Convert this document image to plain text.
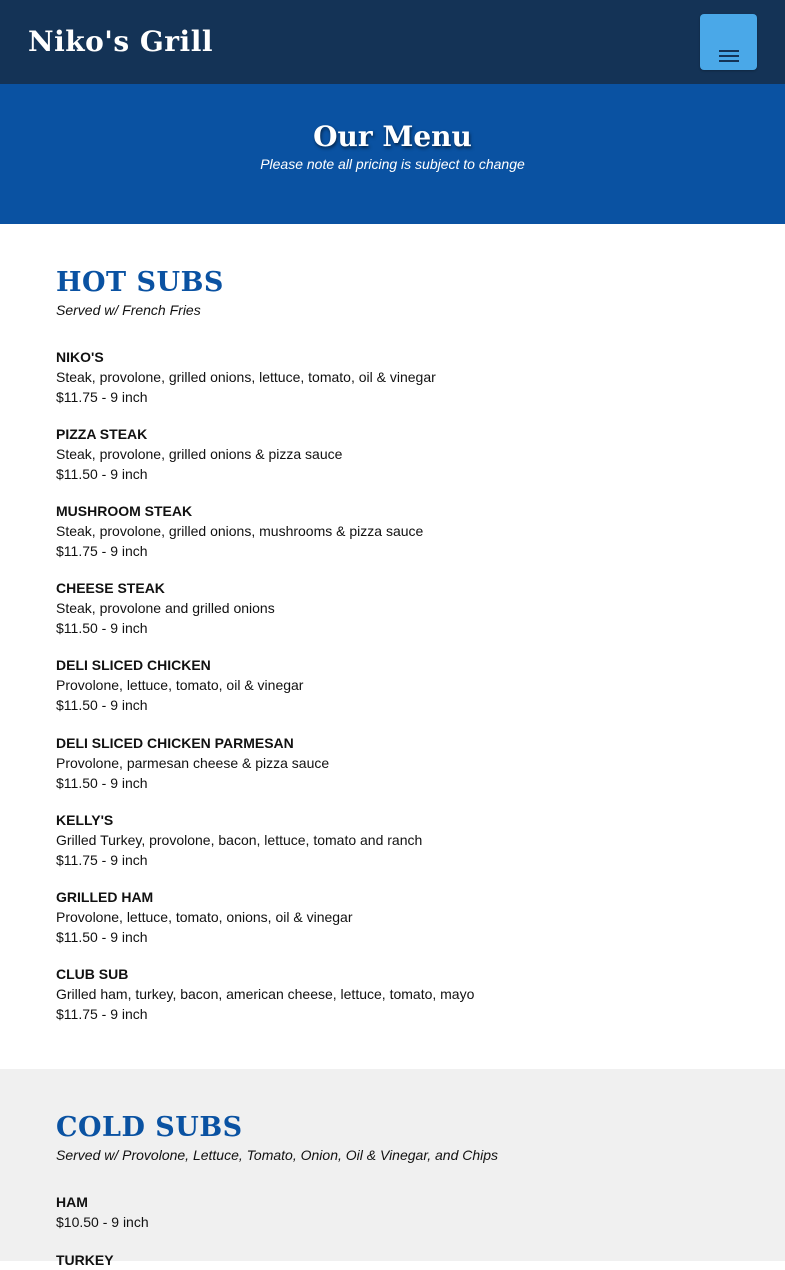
Niko's Grill
Our Menu
Please note all pricing is subject to change
HOT SUBS
Served w/ French Fries
NIKO'S
Steak, provolone, grilled onions, lettuce, tomato, oil & vinegar
$11.75 - 9 inch
PIZZA STEAK
Steak, provolone, grilled onions & pizza sauce
$11.50 - 9 inch
MUSHROOM STEAK
Steak, provolone, grilled onions, mushrooms & pizza sauce
$11.75 - 9 inch
CHEESE STEAK
Steak, provolone and grilled onions
$11.50 - 9 inch
DELI SLICED CHICKEN
Provolone, lettuce, tomato, oil & vinegar
$11.50 - 9 inch
DELI SLICED CHICKEN PARMESAN
Provolone, parmesan cheese & pizza sauce
$11.50 - 9 inch
KELLY'S
Grilled Turkey, provolone, bacon, lettuce, tomato and ranch
$11.75 - 9 inch
GRILLED HAM
Provolone, lettuce, tomato, onions, oil & vinegar
$11.50 - 9 inch
CLUB SUB
Grilled ham, turkey, bacon, american cheese, lettuce, tomato, mayo
$11.75 - 9 inch
COLD SUBS
Served w/ Provolone, Lettuce, Tomato, Onion, Oil & Vinegar, and Chips
HAM
$10.50 - 9 inch
TURKEY
